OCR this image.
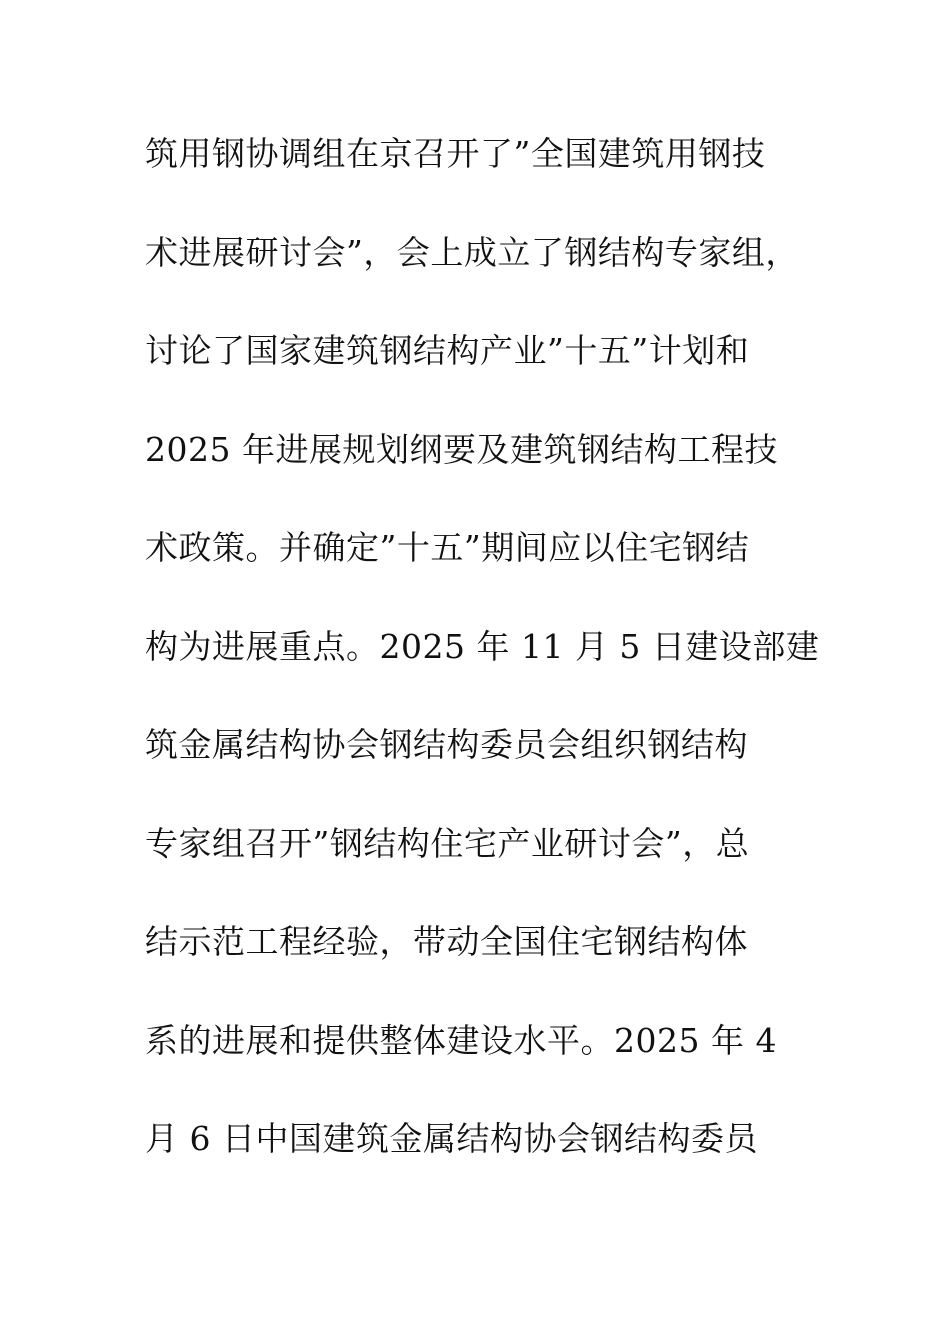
筑用钢协调组在京召开了”全国建筑用钢技
术进展研讨会”，会上成立了钢结构专家组，
讨论了国家建筑钢结构产业”十五”计划和
2025 年进展规划纲要及建筑钢结构工程技
术政策。并确定”十五”期间应以住宅钢结
构为进展重点。2025 年 11 月 5 日建设部建
筑金属结构协会钢结构委员会组织钢结构
专家组召开”钢结构住宅产业研讨会”，总
结示范工程经验，带动全国住宅钢结构体
系的进展和提供整体建设水平。2025 年 4
月 6 日中国建筑金属结构协会钢结构委员
